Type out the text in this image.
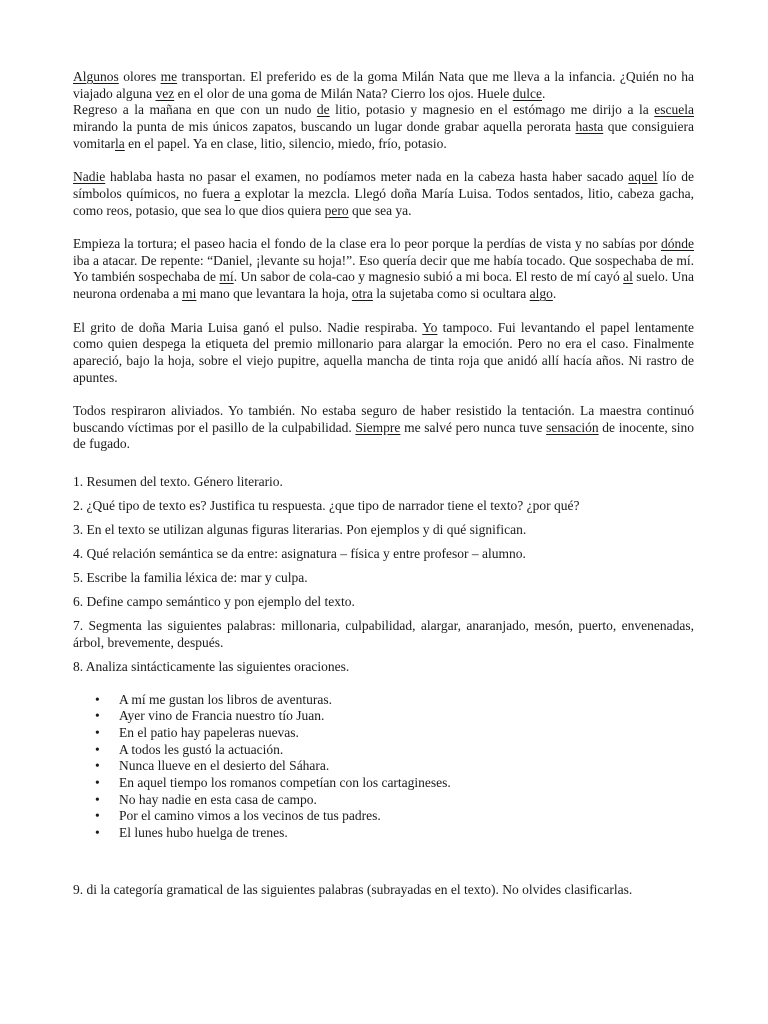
Algunos olores me transportan. El preferido es de la goma Milán Nata que me lleva a la infancia. ¿Quién no ha viajado alguna vez en el olor de una goma de Milán Nata? Cierro los ojos. Huele dulce.

Regreso a la mañana en que con un nudo de litio, potasio y magnesio en el estómago me dirijo a la escuela mirando la punta de mis únicos zapatos, buscando un lugar donde grabar aquella perorata hasta que consiguiera vomitarla en el papel. Ya en clase, litio, silencio, miedo, frío, potasio.

Nadie hablaba hasta no pasar el examen, no podíamos meter nada en la cabeza hasta haber sacado aquel lío de símbolos químicos, no fuera a explotar la mezcla. Llegó doña María Luisa. Todos sentados, litio, cabeza gacha, como reos, potasio, que sea lo que dios quiera pero que sea ya.

Empieza la tortura; el paseo hacia el fondo de la clase era lo peor porque la perdías de vista y no sabías por dónde iba a atacar. De repente: “Daniel, ¡levante su hoja!”. Eso quería decir que me había tocado. Que sospechaba de mí. Yo también sospechaba de mí. Un sabor de cola-cao y magnesio subió a mi boca. El resto de mí cayó al suelo. Una neurona ordenaba a mi mano que levantara la hoja, otra la sujetaba como si ocultara algo.

El grito de doña Maria Luisa ganó el pulso. Nadie respiraba. Yo tampoco. Fui levantando el papel lentamente como quien despega la etiqueta del premio millonario para alargar la emoción. Pero no era el caso. Finalmente apareció, bajo la hoja, sobre el viejo pupitre, aquella mancha de tinta roja que anidó allí hacía años. Ni rastro de apuntes.

Todos respiraron aliviados. Yo también. No estaba seguro de haber resistido la tentación. La maestra continuó buscando víctimas por el pasillo de la culpabilidad. Siempre me salvé pero nunca tuve sensación de inocente, sino de fugado.

1. Resumen del texto. Género literario.

2. ¿Qué tipo de texto es? Justifica tu respuesta. ¿que tipo de narrador tiene el texto? ¿por qué?

3. En el texto se utilizan algunas figuras literarias. Pon ejemplos y di qué significan.

4. Qué relación semántica se da entre: asignatura – física y entre profesor – alumno.

5. Escribe la familia léxica de: mar y culpa.

6. Define campo semántico y pon ejemplo del texto.

7. Segmenta las siguientes palabras: millonaria, culpabilidad, alargar, anaranjado, mesón, puerto, envenenadas, árbol, brevemente, después.

8. Analiza sintácticamente las siguientes oraciones.

• A mí me gustan los libros de aventuras.
• Ayer vino de Francia nuestro tío Juan.
• En el patio hay papeleras nuevas.
• A todos les gustó la actuación.
• Nunca llueve en el desierto del Sáhara.
• En aquel tiempo los romanos competían con los cartagineses.
• No hay nadie en esta casa de campo.
• Por el camino vimos a los vecinos de tus padres.
• El lunes hubo huelga de trenes.

9. di la categoría gramatical de las siguientes palabras (subrayadas en el texto). No olvides clasificarlas.
